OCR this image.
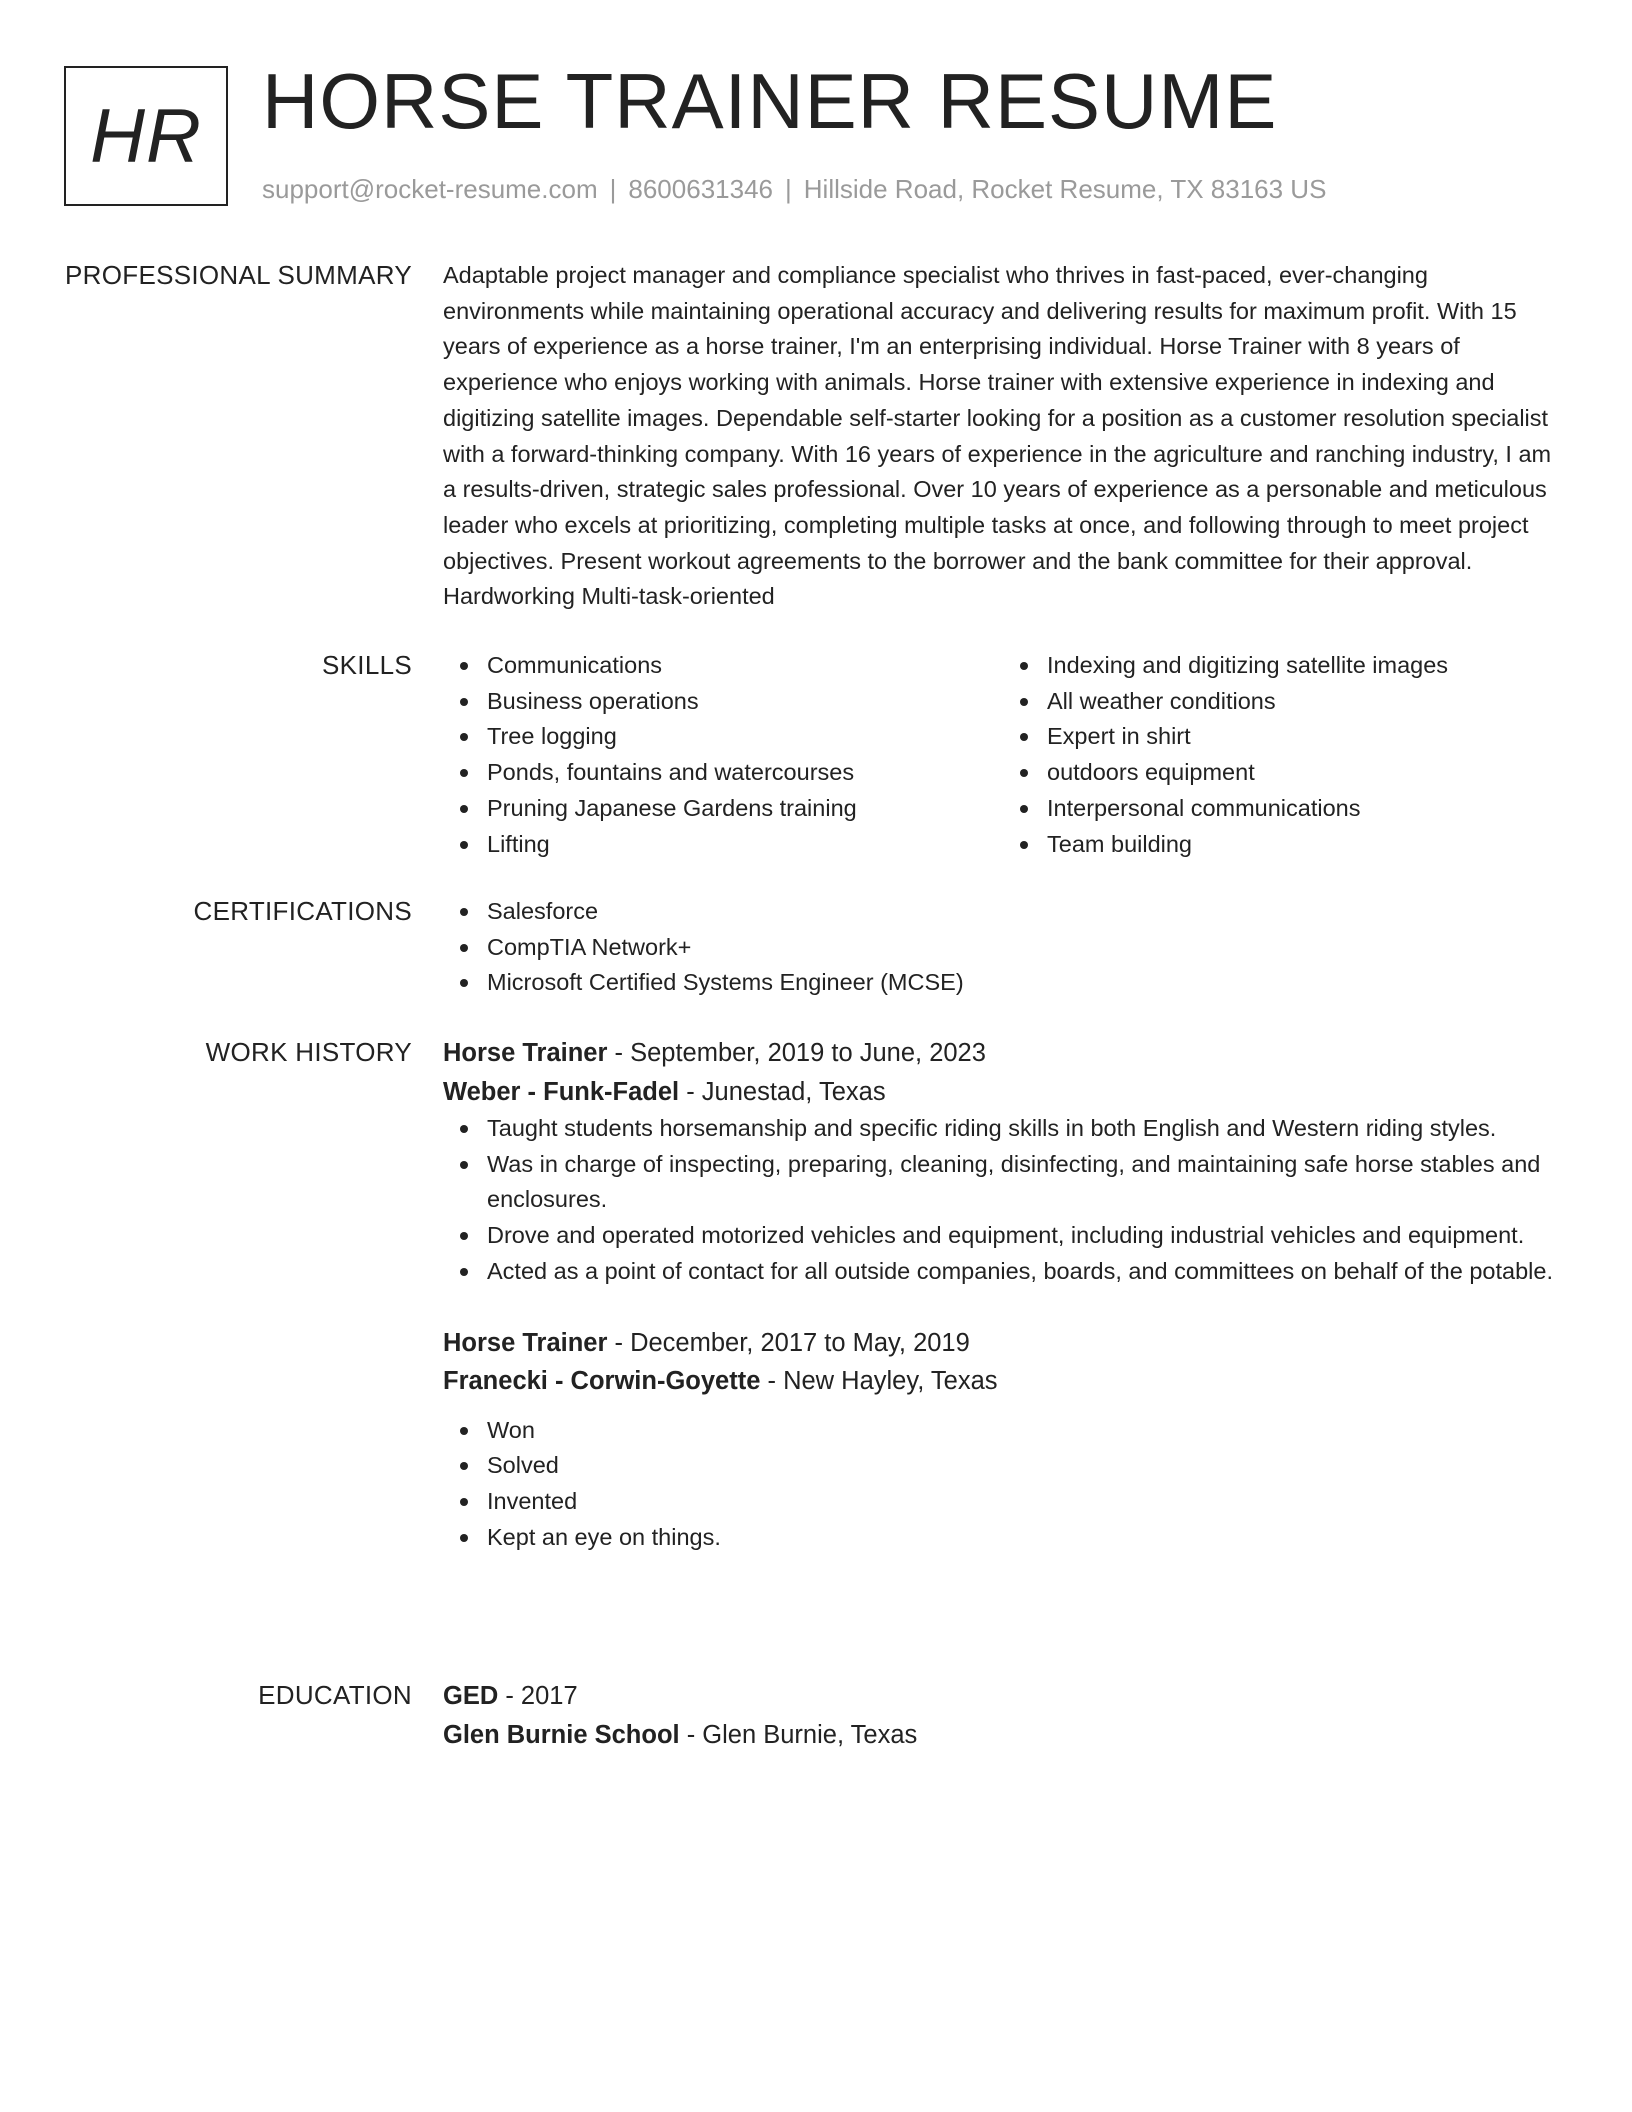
HR HORSE TRAINER RESUME
support@rocket-resume.com | 8600631346 | Hillside Road, Rocket Resume, TX 83163 US
PROFESSIONAL SUMMARY Adaptable project manager and compliance specialist who thrives in fast-paced, ever-changing environments while maintaining operational accuracy and delivering results for maximum profit. With 15 years of experience as a horse trainer, I'm an enterprising individual. Horse Trainer with 8 years of experience who enjoys working with animals. Horse trainer with extensive experience in indexing and digitizing satellite images. Dependable self-starter looking for a position as a customer resolution specialist with a forward-thinking company. With 16 years of experience in the agriculture and ranching industry, I am a results-driven, strategic sales professional. Over 10 years of experience as a personable and meticulous leader who excels at prioritizing, completing multiple tasks at once, and following through to meet project objectives. Present workout agreements to the borrower and the bank committee for their approval. Hardworking Multi-task-oriented

SKILLS	Communications
Business operations
Tree logging
Ponds, fountains and watercourses
Pruning Japanese Gardens training
Lifting
Indexing and digitizing satellite images
All weather conditions
Expert in shirt
outdoors equipment
Interpersonal communications
Team building
CERTIFICATIONS	Salesforce
CompTIA Network+
Microsoft Certified Systems Engineer (MCSE)
WORK HISTORY Horse Trainer - September, 2019 to June, 2023
Weber - Funk-Fadel - Junestad, Texas
Taught students horsemanship and specific riding skills in both English and Western riding styles.
Was in charge of inspecting, preparing, cleaning, disinfecting, and maintaining safe horse stables and enclosures.
Drove and operated motorized vehicles and equipment, including industrial vehicles and equipment.
Acted as a point of contact for all outside companies, boards, and committees on behalf of the potable.
Horse Trainer - December, 2017 to May, 2019
Franecki - Corwin-Goyette - New Hayley, Texas
Won
Solved
Invented
Kept an eye on things.
EDUCATION GED - 2017
Glen Burnie School - Glen Burnie, Texas
